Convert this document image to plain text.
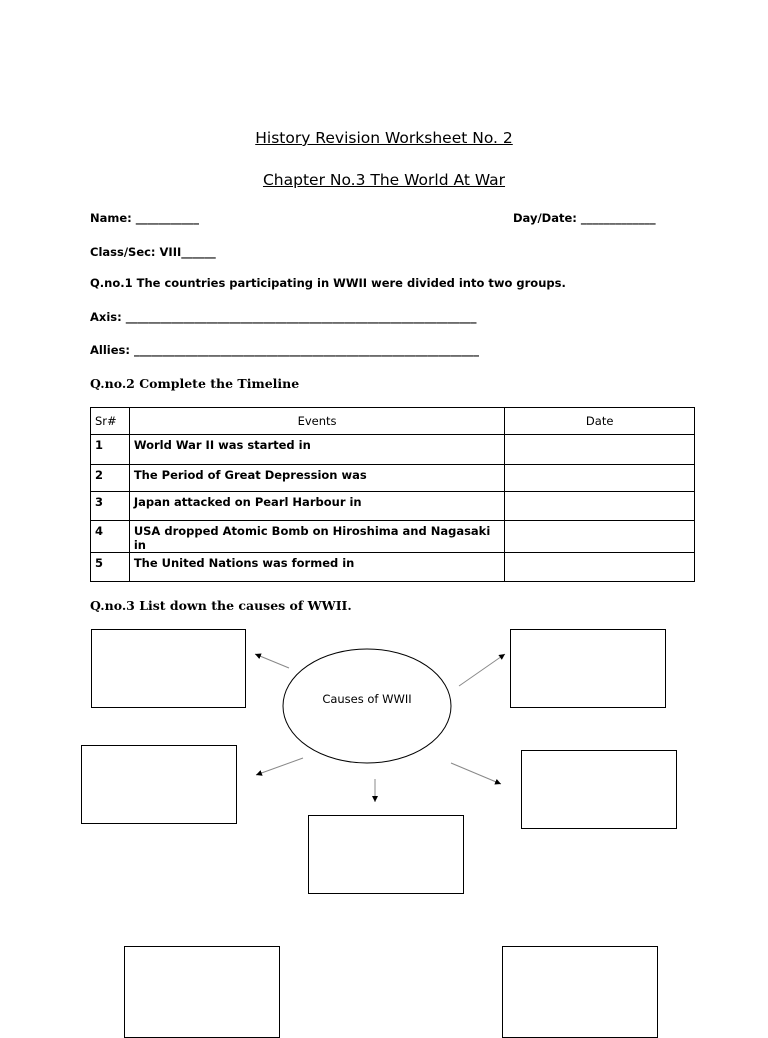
History Revision Worksheet No. 2
Chapter No.3 The World At War
Name: ___________	Day/Date: _____________
Class/Sec: VIII______
Q.no.1 The countries participating in WWII were divided into two groups.
Axis: _____________________________________________________________
Allies: ____________________________________________________________
Q.no.2 Complete the Timeline
Sr#	Events	Date
1	World War II was started in	
2	The Period of Great Depression was	
3	Japan attacked on Pearl Harbour in	
4	USA dropped Atomic Bomb on Hiroshima and Nagasaki in	
5	The United Nations was formed in	
Q.no.3 List down the causes of WWII.
Causes of WWII
